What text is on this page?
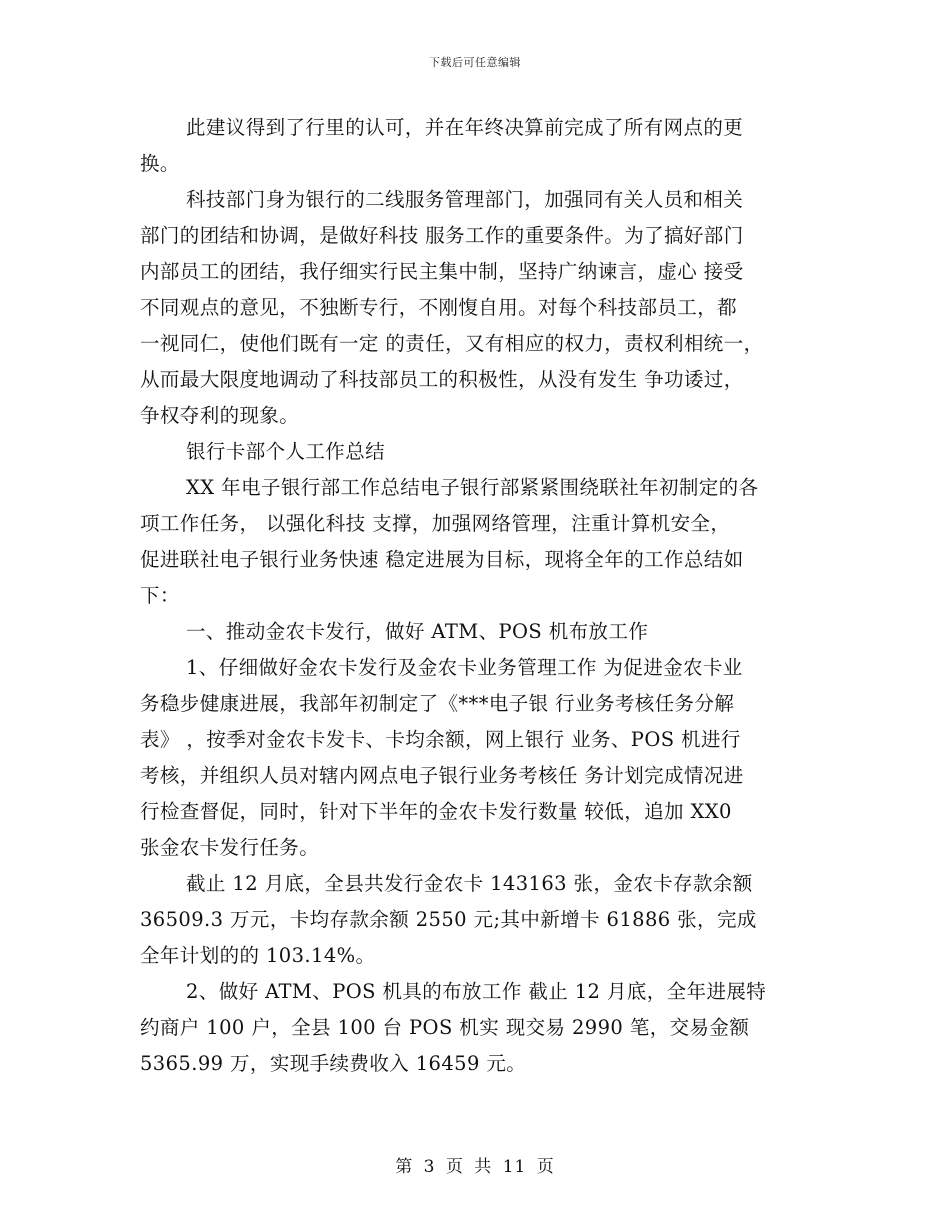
下载后可任意编辑
此建议得到了行里的认可，并在年终决算前完成了所有网点的更
换。
科技部门身为银行的二线服务管理部门，加强同有关人员和相关
部门的团结和协调，是做好科技 服务工作的重要条件。为了搞好部门
内部员工的团结，我仔细实行民主集中制，坚持广纳谏言，虚心 接受
不同观点的意见，不独断专行，不刚愎自用。对每个科技部员工，都
一视同仁，使他们既有一定 的责任，又有相应的权力，责权利相统一，
从而最大限度地调动了科技部员工的积极性，从没有发生 争功诿过，
争权夺利的现象。
银行卡部个人工作总结
XX 年电子银行部工作总结电子银行部紧紧围绕联社年初制定的各
项工作任务， 以强化科技 支撑，加强网络管理，注重计算机安全，
促进联社电子银行业务快速 稳定进展为目标，现将全年的工作总结如
下：
一、推动金农卡发行，做好 ATM、POS 机布放工作
1、仔细做好金农卡发行及金农卡业务管理工作 为促进金农卡业
务稳步健康进展，我部年初制定了《***电子银 行业务考核任务分解
表》 ，按季对金农卡发卡、卡均余额，网上银行 业务、POS 机进行
考核，并组织人员对辖内网点电子银行业务考核任 务计划完成情况进
行检查督促，同时，针对下半年的金农卡发行数量 较低，追加 XX0
张金农卡发行任务。
截止 12 月底，全县共发行金农卡 143163 张，金农卡存款余额
36509.3 万元，卡均存款余额 2550 元;其中新增卡 61886 张，完成
全年计划的的 103.14%。
2、做好 ATM、POS 机具的布放工作 截止 12 月底，全年进展特
约商户 100 户，全县 100 台 POS 机实 现交易 2990 笔，交易金额
5365.99 万，实现手续费收入 16459 元。
第 3 页 共 11 页
